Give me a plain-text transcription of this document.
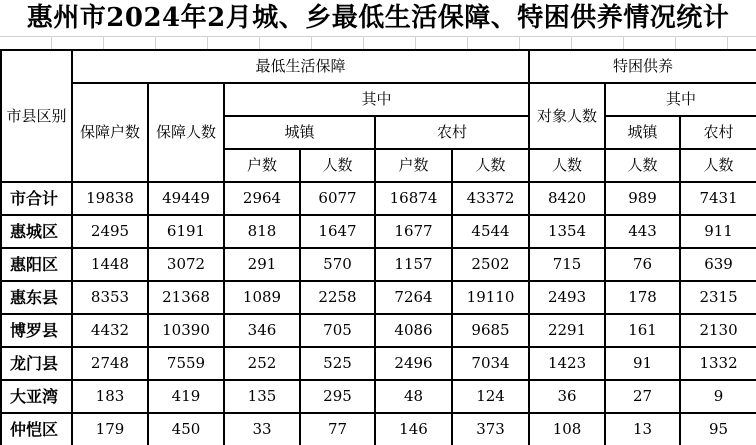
惠州市2024年2月城、乡最低生活保障、特困供养情况统计
市县区别	最低生活保障						特困供养		
	保障户数	保障人数	其中				对象人数	其中	
			城镇		农村			城镇	农村
			户数	人数	户数	人数	人数	人数	人数
市合计	19838	49449	2964	6077	16874	43372	8420	989	7431
惠城区	2495	6191	818	1647	1677	4544	1354	443	911
惠阳区	1448	3072	291	570	1157	2502	715	76	639
惠东县	8353	21368	1089	2258	7264	19110	2493	178	2315
博罗县	4432	10390	346	705	4086	9685	2291	161	2130
龙门县	2748	7559	252	525	2496	7034	1423	91	1332
大亚湾	183	419	135	295	48	124	36	27	9
仲恺区	179	450	33	77	146	373	108	13	95
